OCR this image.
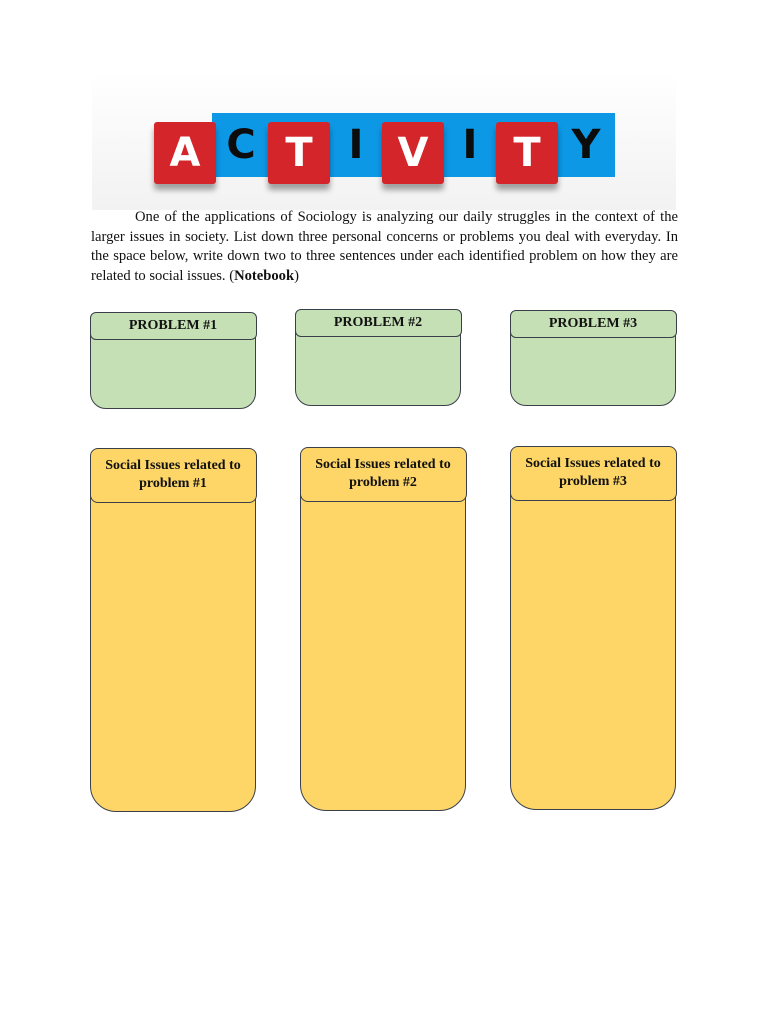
A C T I V I T Y
One of the applications of Sociology is analyzing our daily struggles in the context of the larger issues in society. List down three personal concerns or problems you deal with everyday. In the space below, write down two to three sentences under each identified problem on how they are related to social issues. (Notebook)
PROBLEM #1	PROBLEM #2	PROBLEM #3
Social Issues related to problem #1
Social Issues related to problem #2
Social Issues related to problem #3
